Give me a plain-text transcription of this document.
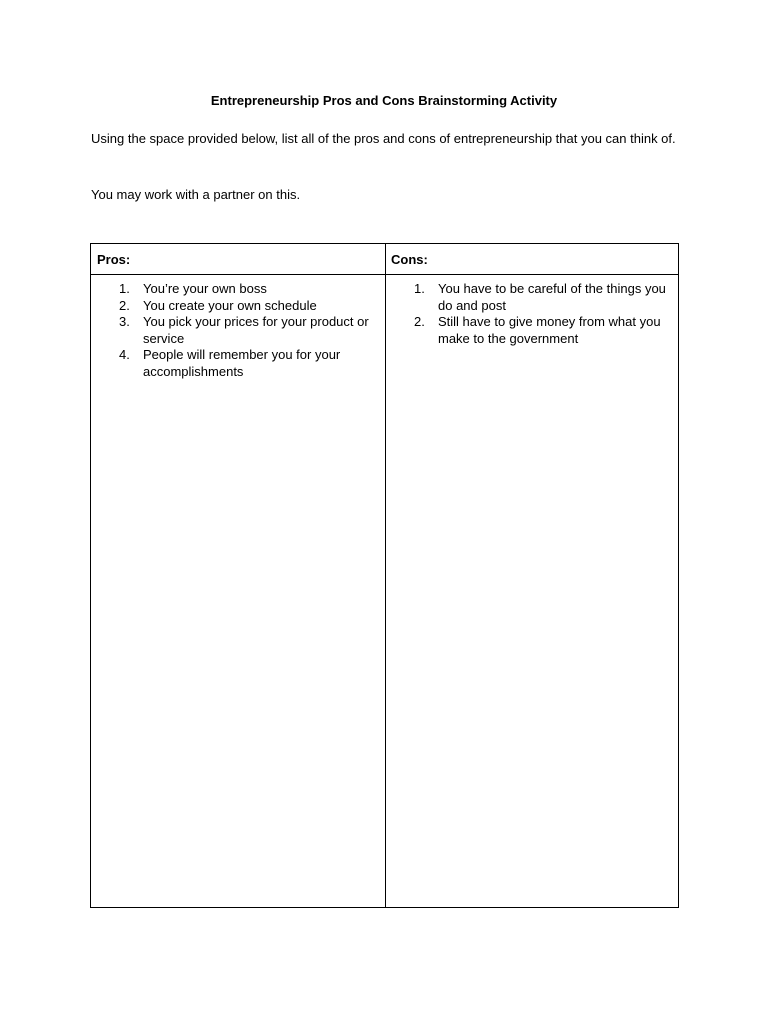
Entrepreneurship Pros and Cons Brainstorming Activity

Using the space provided below, list all of the pros and cons of entrepreneurship that you can think of.

You may work with a partner on this.

Pros:	Cons:
1. You’re your own boss
2. You create your own schedule
3. You pick your prices for your product or service
4. People will remember you for your accomplishments
1. You have to be careful of the things you do and post
2. Still have to give money from what you make to the government
